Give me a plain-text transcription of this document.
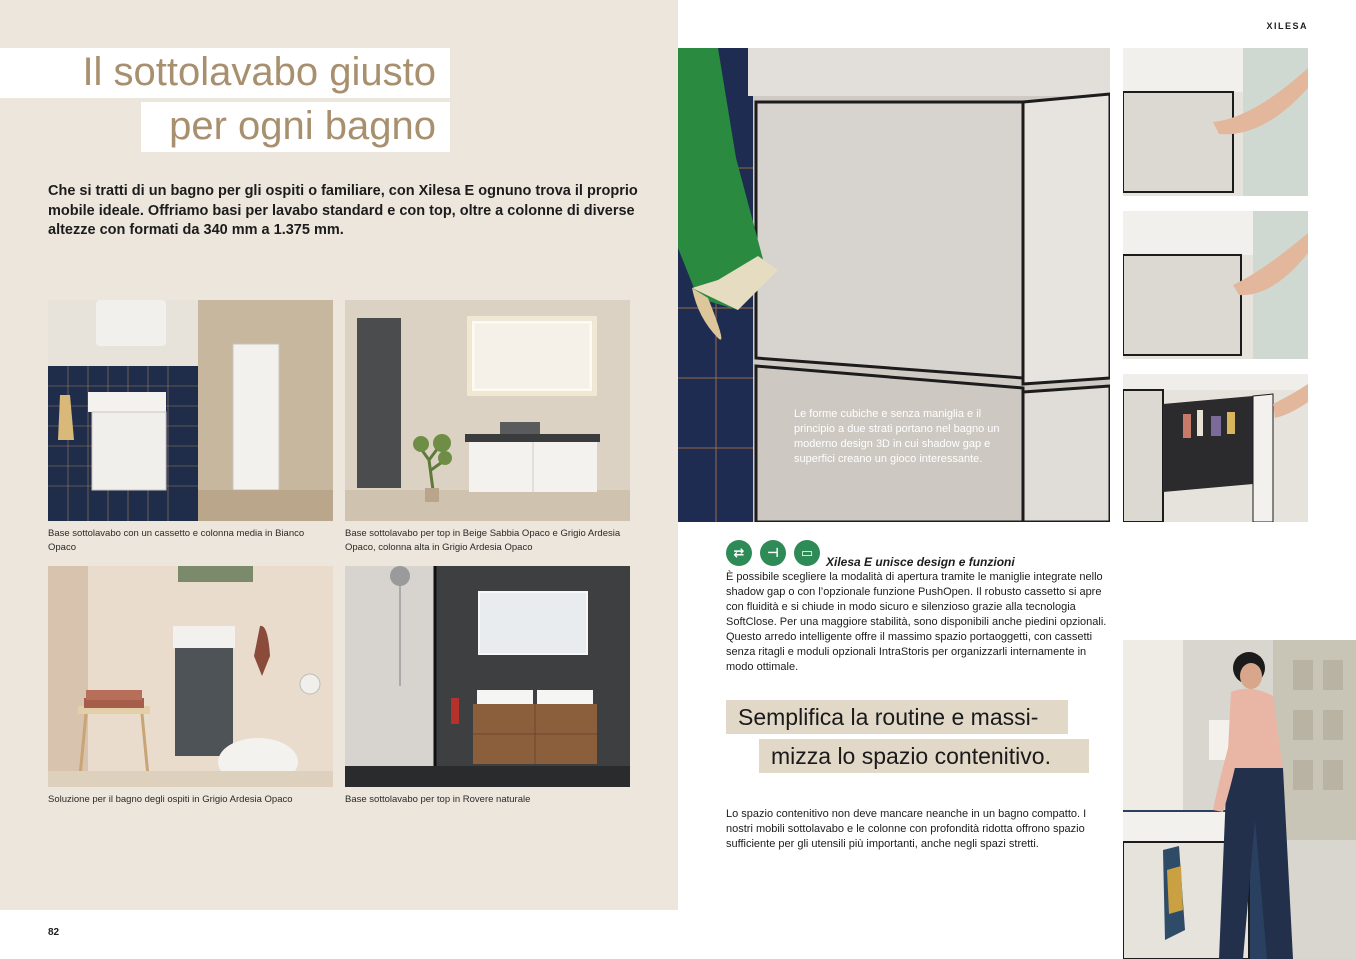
Il sottolavabo giusto
per ogni bagno

Che si tratti di un bagno per gli ospiti o familiare, con Xilesa E ognuno trova il proprio mobile ideale. Offriamo basi per lavabo standard e con top, oltre a colonne di diverse altezze con formati da 340 mm a 1.375 mm.

Base sottolavabo con un cassetto e colonna media in Bianco Opaco
Base sottolavabo per top in Beige Sabbia Opaco e Grigio Ardesia Opaco, colonna alta in Grigio Ardesia Opaco
Soluzione per il bagno degli ospiti in Grigio Ardesia Opaco	Base sottolavabo per top in Rovere naturale
82
XILESA

Le forme cubiche e senza maniglia e il principio a due strati portano nel bagno un moderno design 3D in cui shadow gap e superfici creano un gioco interessante.

⇄	⊣	▭
Xilesa E unisce design e funzioni

È possibile scegliere la modalità di apertura tramite le maniglie integrate nello shadow gap o con l’opzionale funzione PushOpen. Il robusto cassetto si apre con fluidità e si chiude in modo sicuro e silenzioso grazie alla tecnologia SoftClose. Per una maggiore stabilità, sono disponibili anche piedini opzionali. Questo arredo intelligente offre il massimo spazio portaoggetti, con cassetti senza ritagli e moduli opzionali IntraStoris per organizzarli internamente in modo ottimale.

Semplifica la routine e massi-
mizza lo spazio contenitivo.

Lo spazio contenitivo non deve mancare neanche in un bagno compatto. I nostri mobili sottolavabo e le colonne con profondità ridotta offrono spazio sufficiente per gli utensili più importanti, anche negli spazi stretti.
